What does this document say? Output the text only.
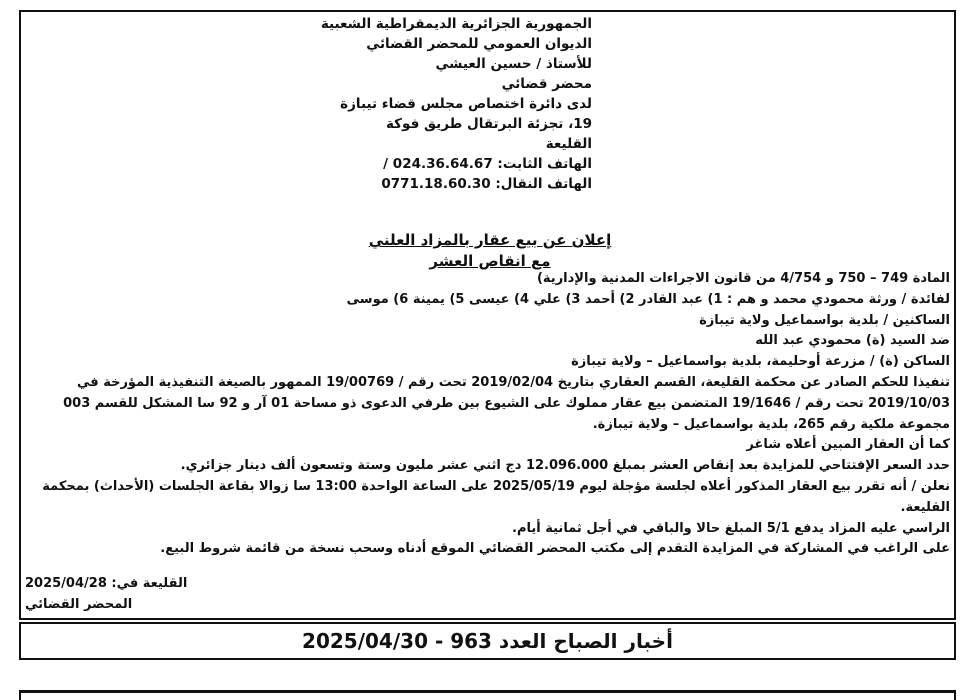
الجمهورية الجزائرية الديمقراطية الشعبية
الديوان العمومي للمحضر القضائي
للأستاذ / حسين العيشي
محضر قضائي
لدى دائرة اختصاص مجلس قضاء تيبازة
19، تجزئة البرتقال طريق فوكة
القليعة
الهاتف الثابت: 024.36.64.67 /
الهاتف النقال: 0771.18.60.30
إعلان عن بيع عقار بالمزاد العلني
مع انقاص العشر
المادة 749 – 750 و 4/754 من قانون الاجراءات المدنية والإدارية)
لفائدة / ورثة محمودي محمد و هم : 1) عبد القادر 2) أحمد 3) علي 4) عيسى 5) يمينة 6) موسى
الساكنين / بلدية بواسماعيل ولاية تيبازة
ضد السيد (ة) محمودي عبد الله
الساكن (ة) / مزرعة أوحليمة، بلدية بواسماعيل – ولاية تيبازة
تنفيذا للحكم الصادر عن محكمة القليعة، القسم العقاري بتاريخ 2019/02/04 تحت رقم / 19/00769 الممهور بالصيغة التنفيذية المؤرخة في
2019/10/03 تحت رقم / 19/1646 المتضمن بيع عقار مملوك على الشيوع بين طرفي الدعوى ذو مساحة 01 آر و 92 سا المشكل للقسم 003
مجموعة ملكية رقم 265، بلدية بواسماعيل – ولاية تيبازة.
كما أن العقار المبين أعلاه شاغر
حدد السعر الإفتتاحي للمزايدة بعد إنقاص العشر بمبلغ 12.096.000 دج اثني عشر مليون وستة وتسعون ألف دينار جزائري.
نعلن / أنه تقرر بيع العقار المذكور أعلاه لجلسة مؤجلة ليوم 2025/05/19 على الساعة الواحدة 13:00 سا زوالا بقاعة الجلسات (الأحداث) بمحكمة
القليعة.
الراسي عليه المزاد يدفع 5/1 المبلغ حالا والباقي في أجل ثمانية أيام.
على الراغب في المشاركة في المزايدة التقدم إلى مكتب المحضر القضائي الموقع أدناه وسحب نسخة من قائمة شروط البيع.
القليعة في: 2025/04/28
المحضر القضائي
أخبار الصباح العدد 963 - 2025/04/30
